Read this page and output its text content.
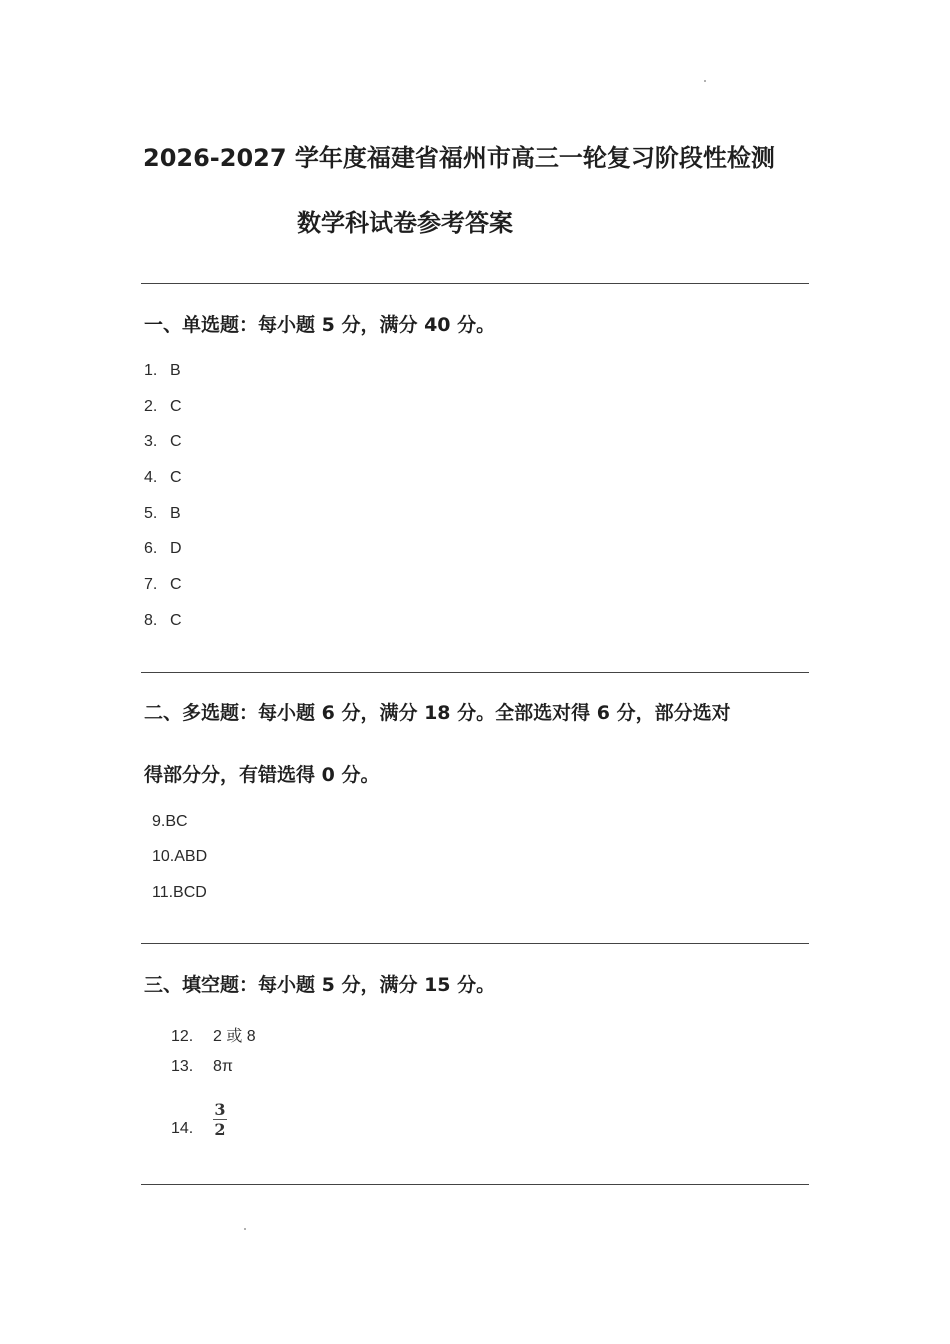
2026-2027 学年度福建省福州市高三一轮复习阶段性检测
数学科试卷参考答案
一、单选题：每小题 5 分，满分 40 分。
1. B
2. C
3. C
4. C
5. B
6. D
7. C
8. C
二、多选题：每小题 6 分，满分 18 分。全部选对得 6 分，部分选对
得部分分，有错选得 0 分。
9.BC
10.ABD
11.BCD
三、填空题：每小题 5 分，满分 15 分。
12. 2 或 8
13. 8π
14. $\frac{3}{2}$
